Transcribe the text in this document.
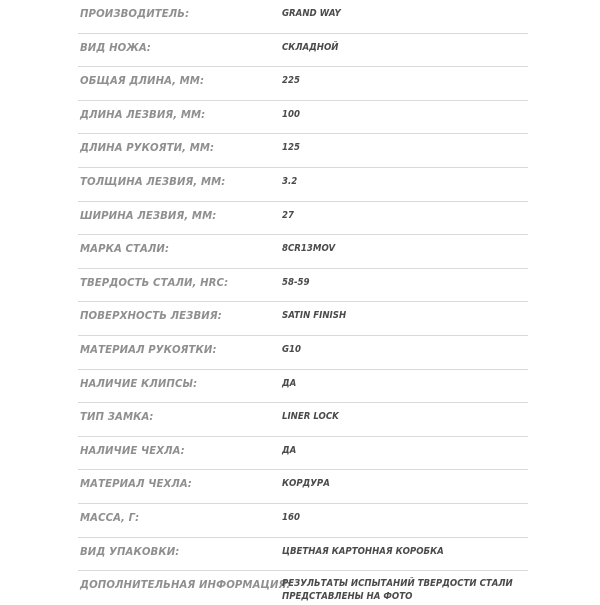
ПРОИЗВОДИТЕЛЬ:	GRAND WAY
ВИД НОЖА:	СКЛАДНОЙ
ОБЩАЯ ДЛИНА, ММ:	225
ДЛИНА ЛЕЗВИЯ, ММ:	100
ДЛИНА РУКОЯТИ, ММ:	125
ТОЛЩИНА ЛЕЗВИЯ, ММ:	3.2
ШИРИНА ЛЕЗВИЯ, ММ:	27
МАРКА СТАЛИ:	8CR13MOV
ТВЕРДОСТЬ СТАЛИ, HRC:	58-59
ПОВЕРХНОСТЬ ЛЕЗВИЯ:	SATIN FINISH
МАТЕРИАЛ РУКОЯТКИ:	G10
НАЛИЧИЕ КЛИПСЫ:	ДА
ТИП ЗАМКА:	LINER LOCK
НАЛИЧИЕ ЧЕХЛА:	ДА
МАТЕРИАЛ ЧЕХЛА:	КОРДУРА
МАССА, Г:	160
ВИД УПАКОВКИ:	ЦВЕТНАЯ КАРТОННАЯ КОРОБКА
ДОПОЛНИТЕЛЬНАЯ ИНФОРМАЦИЯ:
РЕЗУЛЬТАТЫ ИСПЫТАНИЙ ТВЕРДОСТИ СТАЛИ ПРЕДСТАВЛЕНЫ НА ФОТО
